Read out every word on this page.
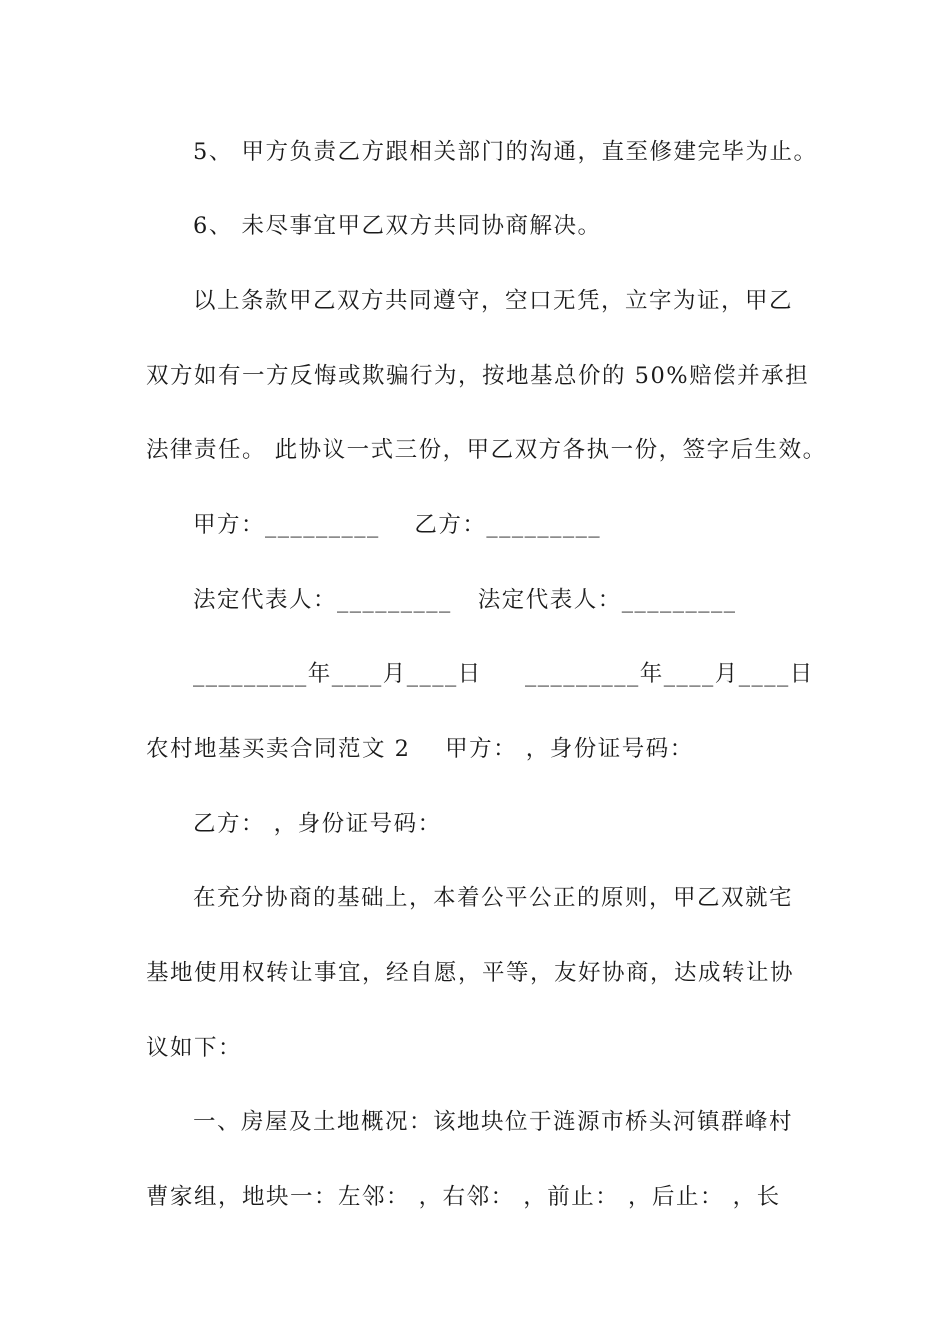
5、 甲方负责乙方跟相关部门的沟通，直至修建完毕为止。
6、 未尽事宜甲乙双方共同协商解决。
以上条款甲乙双方共同遵守，空口无凭，立字为证，甲乙
双方如有一方反悔或欺骗行为，按地基总价的 50%赔偿并承担
法律责任。 此协议一式三份，甲乙双方各执一份，签字后生效。
甲方：_________    乙方：_________
法定代表人：_________   法定代表人：_________
_________年____月____日     _________年____月____日
农村地基买卖合同范文 2    甲方： ，身份证号码：
乙方： ，身份证号码：
在充分协商的基础上，本着公平公正的原则，甲乙双就宅
基地使用权转让事宜，经自愿，平等，友好协商，达成转让协
议如下：
一、房屋及土地概况：该地块位于涟源市桥头河镇群峰村
曹家组，地块一：左邻： ，右邻： ，前止： ，后止： ，长
